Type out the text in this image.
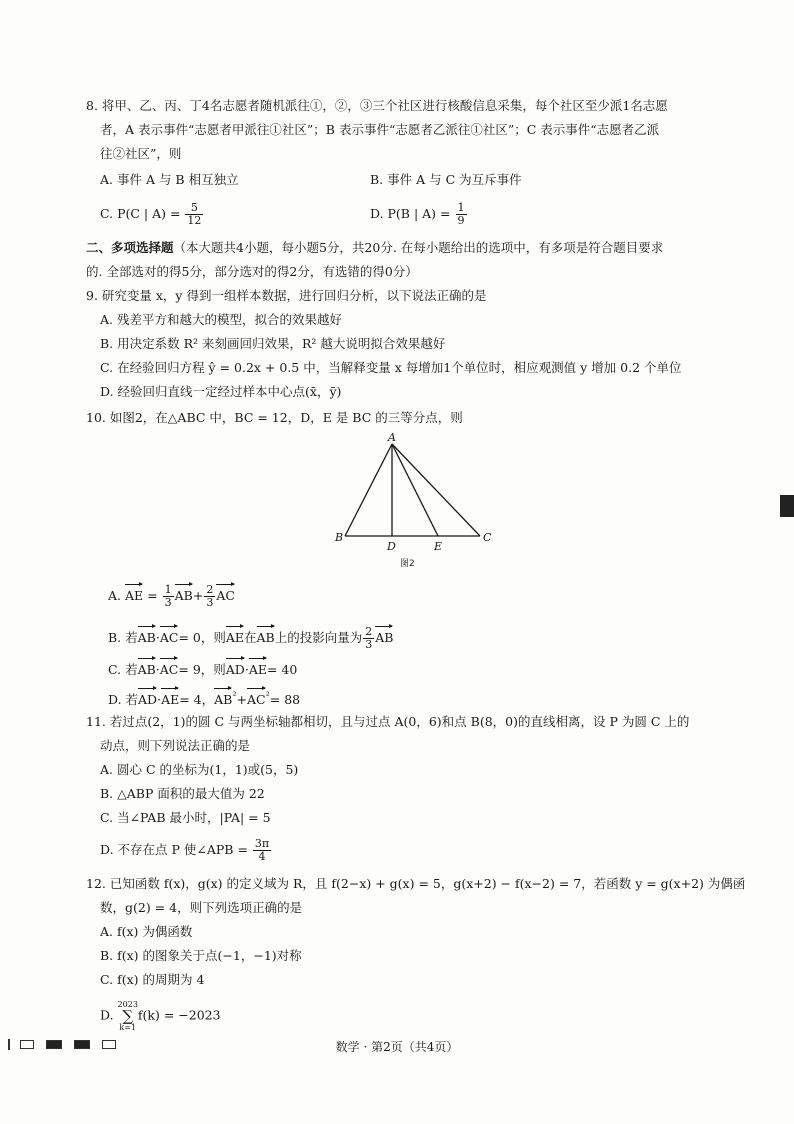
8. 将甲、乙、丙、丁4名志愿者随机派往①，②，③三个社区进行核酸信息采集，每个社区至少派1名志愿
者，A 表示事件“志愿者甲派往①社区”；B 表示事件“志愿者乙派往①社区”；C 表示事件“志愿者乙派
往②社区”，则
A. 事件 A 与 B 相互独立	B. 事件 A 与 C 为互斥事件
C. P(C | $A) = \frac{5}{12}$	D. P(B | $A) = \frac{1}{9}$
二、多项选择题（本大题共4小题，每小题5分，共20分. 在每小题给出的选项中，有多项是符合题目要求
的. 全部选对的得5分，部分选对的得2分，有选错的得0分）
9. 研究变量 x，y 得到一组样本数据，进行回归分析，以下说法正确的是
A. 残差平方和越大的模型，拟合的效果越好
B. 用决定系数 R² 来刻画回归效果，R² 越大说明拟合效果越好
C. 在经验回归方程 ŷ = 0.2x + 0.5 中，当解释变量 x 每增加1个单位时，相应观测值 y 增加 0.2 个单位
D. 经验回归直线一定经过样本中心点(x̄，ȳ)
10. 如图2，在△ABC 中，BC = 12，D，E 是 BC 的三等分点，则
A
B	C
D	E
图2
A. AE = $\frac{1}{3} AB+ \frac{2}{3}$ AC
B. 若AB·AC= 0，则AE在AB上的投影向量为 $\frac{2}{3}$ AB
C. 若AB·AC= 9，则AD·AE= 40
D. 若AD·AE= 4，$AB^{^2}+AC^{^2}= 88$
11. 若过点(2，1)的圆 C 与两坐标轴都相切，且与过点 A(0，6)和点 B(8，0)的直线相离，设 P 为圆 C 上的
动点，则下列说法正确的是
A. 圆心 C 的坐标为(1，1)或(5，5)
B. △ABP 面积的最大值为 22
C. 当∠PAB 最小时，|PA| = 5
D. 不存在点 P 使∠APB = $\frac{3\pi}{4}$
12. 已知函数 f(x)，g(x) 的定义域为 R，且 f(2−x) + g(x) = 5，g(x+2) − f(x−2) = 7，若函数 y = g(x+2) 为偶函
数，g(2) = 4，则下列选项正确的是
A. f(x) 为偶函数
B. f(x) 的图象关于点(−1，−1)对称
C. f(x) 的周期为 4
D. 2023
∑
k=1f(k) = −2023
数学 · 第2页（共4页）
